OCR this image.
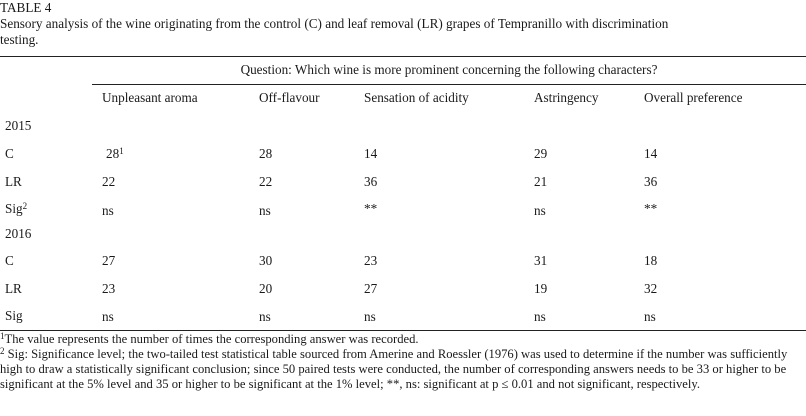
TABLE 4
Sensory analysis of the wine originating from the control (C) and leaf removal (LR) grapes of Tempranillo with discrimination
testing.
Question: Which wine is more prominent concerning the following characters?
Unpleasant aroma	Off-flavour	Sensation of acidity	Astringency	Overall preference
2015
C	$28^1$	28	14	29	14
LR	22	22	36	21	36
Sig$^2$	ns	ns	**	ns	**
2016
C	27	30	23	31	18
LR	23	20	27	19	32
Sig	ns	ns	ns	ns	ns

$^1$The value represents the number of times the corresponding answer was recorded.

$^2$ Sig: Significance level; the two-tailed test statistical table sourced from Amerine and Roessler (1976) was used to determine if the number was sufficiently high to draw a statistically significant conclusion; since 50 paired tests were conducted, the number of corresponding answers needs to be 33 or higher to be significant at the 5% level and 35 or higher to be significant at the 1% level; **, ns: significant at p ≤ 0.01 and not significant, respectively.
